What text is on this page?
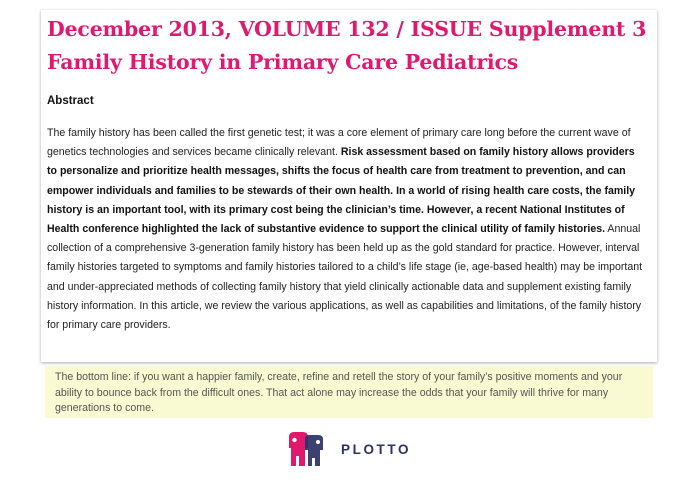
December 2013, VOLUME 132 / ISSUE Supplement 3
Family History in Primary Care Pediatrics
Abstract

The family history has been called the first genetic test; it was a core element of primary care long before the current wave of genetics technologies and services became clinically relevant. Risk assessment based on family history allows providers to personalize and prioritize health messages, shifts the focus of health care from treatment to prevention, and can empower individuals and families to be stewards of their own health. In a world of rising health care costs, the family history is an important tool, with its primary cost being the clinician’s time. However, a recent National Institutes of Health conference highlighted the lack of substantive evidence to support the clinical utility of family histories. Annual collection of a comprehensive 3-generation family history has been held up as the gold standard for practice. However, interval family histories targeted to symptoms and family histories tailored to a child’s life stage (ie, age-based health) may be important and under-appreciated methods of collecting family history that yield clinically actionable data and supplement existing family history information. In this article, we review the various applications, as well as capabilities and limitations, of the family history for primary care providers.

The bottom line: if you want a happier family, create, refine and retell the story of your family’s positive moments and your ability to bounce back from the difficult ones. That act alone may increase the odds that your family will thrive for many generations to come.

PLOTTO
